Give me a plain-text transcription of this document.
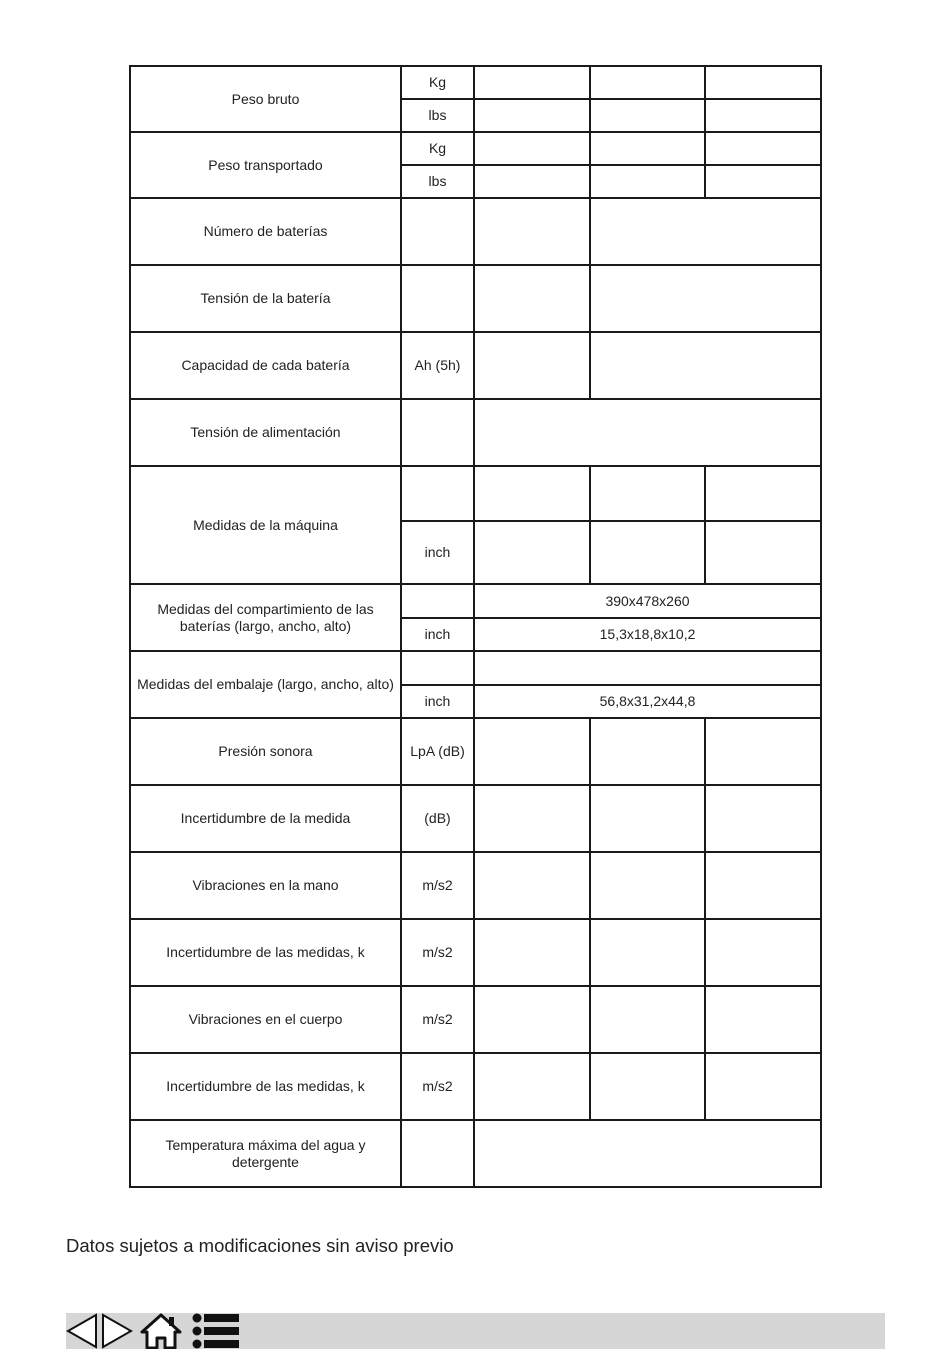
Peso bruto	Kg			
	lbs			
Peso transportado	Kg			
	lbs			
Número de baterías				
Tensión de la batería				
Capacidad de cada batería	Ah (5h)			
Tensión de alimentación				
Medidas de la máquina				
	inch			
Medidas del compartimiento de las baterías (largo, ancho, alto)		390x478x260		
	inch	15,3x18,8x10,2		
Medidas del embalaje (largo, ancho, alto)				
	inch	56,8x31,2x44,8		
Presión sonora	LpA (dB)			
Incertidumbre de la medida	(dB)			
Vibraciones en la mano	m/s2			
Incertidumbre de las medidas, k	m/s2			
Vibraciones en el cuerpo	m/s2			
Incertidumbre de las medidas, k	m/s2			
Temperatura máxima del agua y detergente				
Datos sujetos a modificaciones sin aviso previo
